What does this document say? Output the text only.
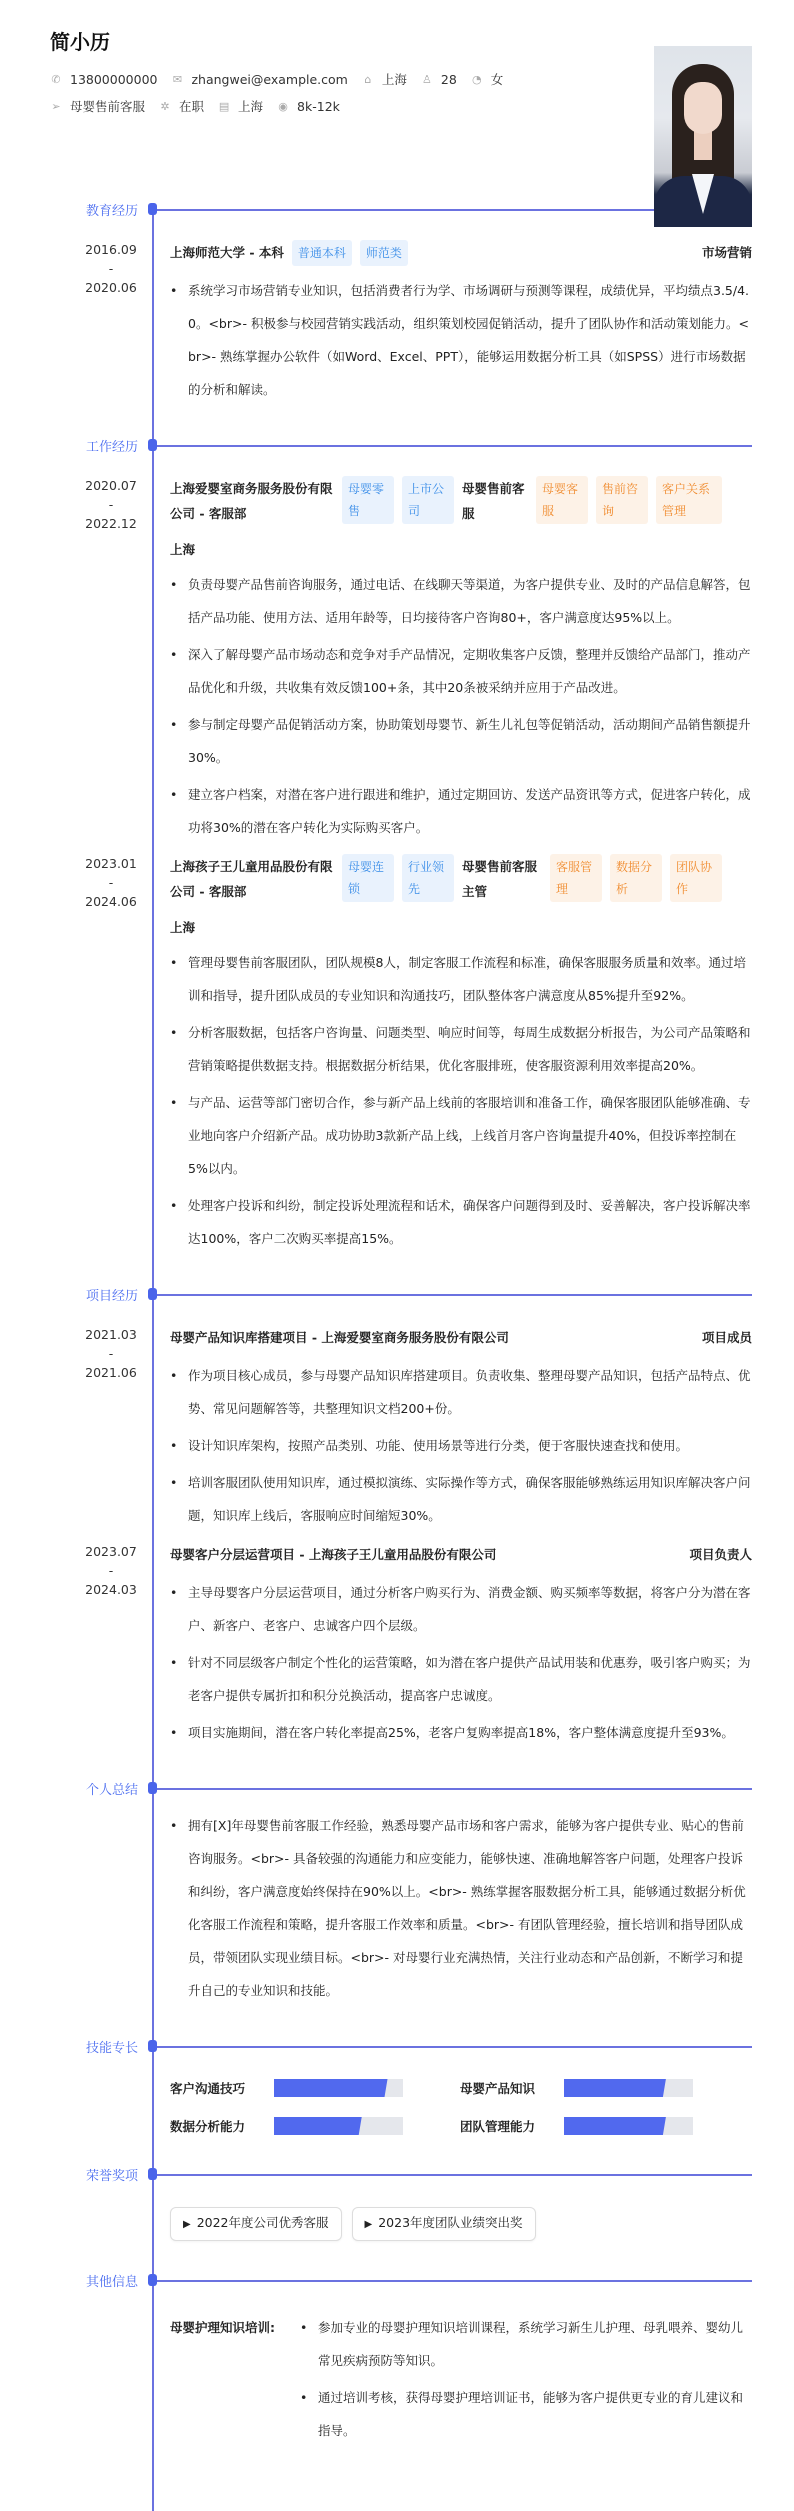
简小历
✆ 13800000000 ✉ zhangwei@example.com ⌂ 上海 ♙ 28 ◔ 女
➢ 母婴售前客服 ✲ 在职 ▤ 上海 ◉ 8k-12k
教育经历
2016.09
-
2020.06
上海师范大学 - 本科	普通本科	师范类	市场营销
• 系统学习市场营销专业知识，包括消费者行为学、市场调研与预测等课程，成绩优异，平均绩点3.5/4.0。<br>- 积极参与校园营销实践活动，组织策划校园促销活动，提升了团队协作和活动策划能力。<br>- 熟练掌握办公软件（如Word、Excel、PPT），能够运用数据分析工具（如SPSS）进行市场数据的分析和解读。
工作经历
2020.07
-
2022.12
上海爱婴室商务服务股份有限公司 - 客服部
母婴零售
上市公司
母婴售前客服
母婴客服
售前咨询
客户关系管理
上海
• 负责母婴产品售前咨询服务，通过电话、在线聊天等渠道，为客户提供专业、及时的产品信息解答，包括产品功能、使用方法、适用年龄等，日均接待客户咨询80+，客户满意度达95%以上。
• 深入了解母婴产品市场动态和竞争对手产品情况，定期收集客户反馈，整理并反馈给产品部门，推动产品优化和升级，共收集有效反馈100+条，其中20条被采纳并应用于产品改进。
• 参与制定母婴产品促销活动方案，协助策划母婴节、新生儿礼包等促销活动，活动期间产品销售额提升30%。
• 建立客户档案，对潜在客户进行跟进和维护，通过定期回访、发送产品资讯等方式，促进客户转化，成功将30%的潜在客户转化为实际购买客户。
2023.01
-
2024.06
上海孩子王儿童用品股份有限公司 - 客服部
母婴连锁
行业领先
母婴售前客服主管
客服管理
数据分析
团队协作
上海
• 管理母婴售前客服团队，团队规模8人，制定客服工作流程和标准，确保客服服务质量和效率。通过培训和指导，提升团队成员的专业知识和沟通技巧，团队整体客户满意度从85%提升至92%。
• 分析客服数据，包括客户咨询量、问题类型、响应时间等，每周生成数据分析报告，为公司产品策略和营销策略提供数据支持。根据数据分析结果，优化客服排班，使客服资源利用效率提高20%。
• 与产品、运营等部门密切合作，参与新产品上线前的客服培训和准备工作，确保客服团队能够准确、专业地向客户介绍新产品。成功协助3款新产品上线，上线首月客户咨询量提升40%，但投诉率控制在5%以内。
• 处理客户投诉和纠纷，制定投诉处理流程和话术，确保客户问题得到及时、妥善解决，客户投诉解决率达100%，客户二次购买率提高15%。
项目经历
2021.03
-
2021.06
母婴产品知识库搭建项目 - 上海爱婴室商务服务股份有限公司	项目成员
• 作为项目核心成员，参与母婴产品知识库搭建项目。负责收集、整理母婴产品知识，包括产品特点、优势、常见问题解答等，共整理知识文档200+份。
• 设计知识库架构，按照产品类别、功能、使用场景等进行分类，便于客服快速查找和使用。
• 培训客服团队使用知识库，通过模拟演练、实际操作等方式，确保客服能够熟练运用知识库解决客户问题，知识库上线后，客服响应时间缩短30%。
2023.07
-
2024.03
母婴客户分层运营项目 - 上海孩子王儿童用品股份有限公司	项目负责人
• 主导母婴客户分层运营项目，通过分析客户购买行为、消费金额、购买频率等数据，将客户分为潜在客户、新客户、老客户、忠诚客户四个层级。
• 针对不同层级客户制定个性化的运营策略，如为潜在客户提供产品试用装和优惠券，吸引客户购买；为老客户提供专属折扣和积分兑换活动，提高客户忠诚度。
• 项目实施期间，潜在客户转化率提高25%，老客户复购率提高18%，客户整体满意度提升至93%。
个人总结
• 拥有[X]年母婴售前客服工作经验，熟悉母婴产品市场和客户需求，能够为客户提供专业、贴心的售前咨询服务。<br>- 具备较强的沟通能力和应变能力，能够快速、准确地解答客户问题，处理客户投诉和纠纷，客户满意度始终保持在90%以上。<br>- 熟练掌握客服数据分析工具，能够通过数据分析优化客服工作流程和策略，提升客服工作效率和质量。<br>- 有团队管理经验，擅长培训和指导团队成员，带领团队实现业绩目标。<br>- 对母婴行业充满热情，关注行业动态和产品创新，不断学习和提升自己的专业知识和技能。
技能专长
客户沟通技巧	母婴产品知识
数据分析能力	团队管理能力
荣誉奖项
▶ 2022年度公司优秀客服	▶ 2023年度团队业绩突出奖
其他信息
母婴护理知识培训:	• 参加专业的母婴护理知识培训课程，系统学习新生儿护理、母乳喂养、婴幼儿常见疾病预防等知识。
• 通过培训考核，获得母婴护理培训证书，能够为客户提供更专业的育儿建议和指导。
